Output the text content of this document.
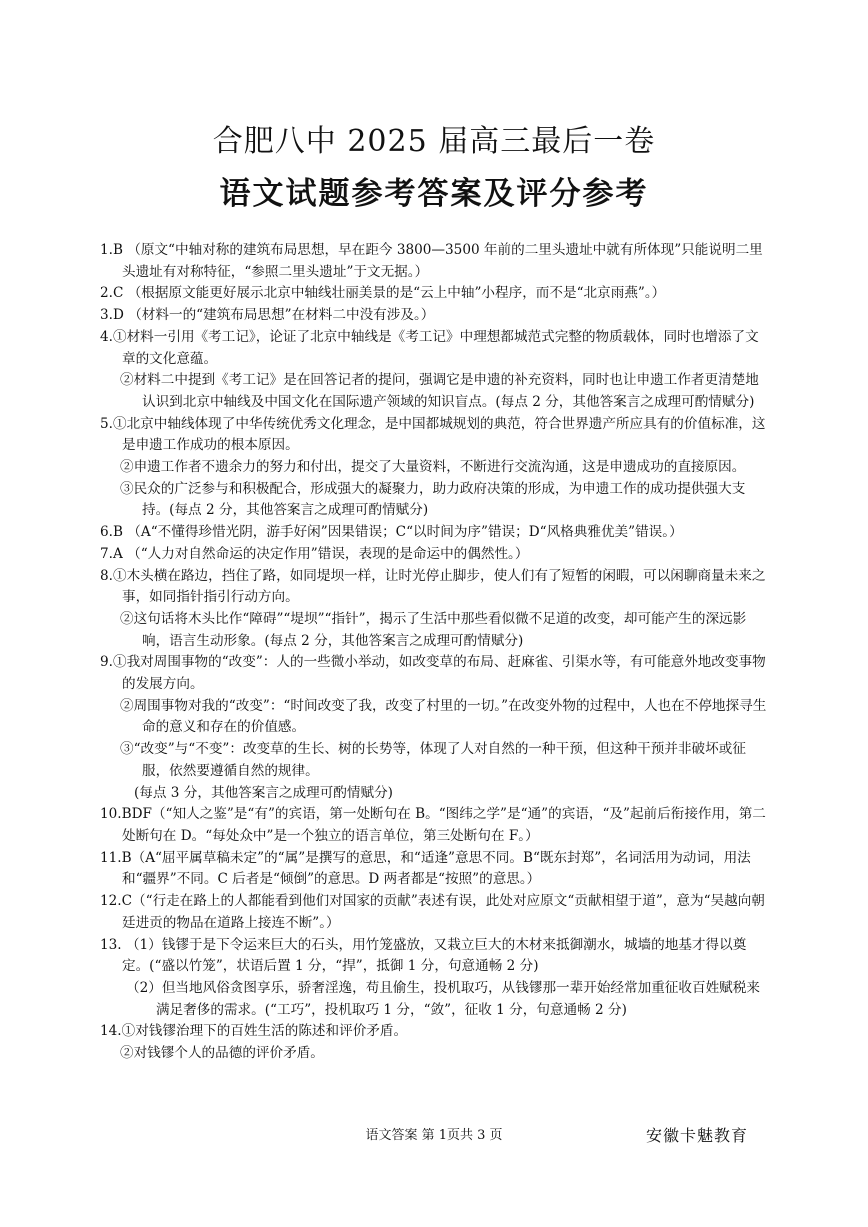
合肥八中 2025 届高三最后一卷
语文试题参考答案及评分参考

1.B （原文“中轴对称的建筑布局思想，早在距今 3800—3500 年前的二里头遗址中就有所体现”只能说明二里头遗址有对称特征，“参照二里头遗址”于文无据。）

2.C （根据原文能更好展示北京中轴线壮丽美景的是“云上中轴”小程序，而不是“北京雨燕”。）

3.D （材料一的“建筑布局思想”在材料二中没有涉及。）

4.①材料一引用《考工记》，论证了北京中轴线是《考工记》中理想都城范式完整的物质载体，同时也增添了文章的文化意蕴。

②材料二中提到《考工记》是在回答记者的提问，强调它是申遗的补充资料，同时也让申遗工作者更清楚地认识到北京中轴线及中国文化在国际遗产领域的知识盲点。(每点 2 分，其他答案言之成理可酌情赋分)

5.①北京中轴线体现了中华传统优秀文化理念，是中国都城规划的典范，符合世界遗产所应具有的价值标准，这是申遗工作成功的根本原因。

②申遗工作者不遗余力的努力和付出，提交了大量资料，不断进行交流沟通，这是申遗成功的直接原因。

③民众的广泛参与和积极配合，形成强大的凝聚力，助力政府决策的形成，为申遗工作的成功提供强大支持。(每点 2 分，其他答案言之成理可酌情赋分)

6.B （A“不懂得珍惜光阴，游手好闲”因果错误；C“以时间为序”错误；D“风格典雅优美”错误。）

7.A （“人力对自然命运的决定作用”错误，表现的是命运中的偶然性。）

8.①木头横在路边，挡住了路，如同堤坝一样，让时光停止脚步，使人们有了短暂的闲暇，可以闲聊商量未来之事，如同指针指引行动方向。

②这句话将木头比作“障碍”“堤坝”“指针”，揭示了生活中那些看似微不足道的改变，却可能产生的深远影响，语言生动形象。(每点 2 分，其他答案言之成理可酌情赋分)

9.①我对周围事物的“改变”：人的一些微小举动，如改变草的布局、赶麻雀、引渠水等，有可能意外地改变事物的发展方向。

②周围事物对我的“改变”：“时间改变了我，改变了村里的一切。”在改变外物的过程中，人也在不停地探寻生命的意义和存在的价值感。

③“改变”与“不变”：改变草的生长、树的长势等，体现了人对自然的一种干预，但这种干预并非破坏或征服，依然要遵循自然的规律。

(每点 3 分，其他答案言之成理可酌情赋分)

10.BDF（“知人之鉴”是“有”的宾语，第一处断句在 B。“图纬之学”是“通”的宾语，“及”起前后衔接作用，第二处断句在 D。“每处众中”是一个独立的语言单位，第三处断句在 F。）

11.B（A“屈平属草稿未定”的“属”是撰写的意思，和“适逢”意思不同。B“既东封郑”，名词活用为动词，用法和“疆界”不同。C 后者是“倾倒”的意思。D 两者都是“按照”的意思。）

12.C（“行走在路上的人都能看到他们对国家的贡献”表述有误，此处对应原文“贡献相望于道”，意为“吴越向朝廷进贡的物品在道路上接连不断”。）

13. （1）钱镠于是下令运来巨大的石头，用竹笼盛放，又栽立巨大的木材来抵御潮水，城墙的地基才得以奠定。(“盛以竹笼”，状语后置 1 分，“捍”，抵御 1 分，句意通畅 2 分)

（2）但当地风俗贪图享乐，骄奢淫逸，苟且偷生，投机取巧，从钱镠那一辈开始经常加重征收百姓赋税来满足奢侈的需求。(“工巧”，投机取巧 1 分，“敛”，征收 1 分，句意通畅 2 分)

14.①对钱镠治理下的百姓生活的陈述和评价矛盾。

②对钱镠个人的品德的评价矛盾。

语文答案 第 1页共 3 页	安徽卡魅教育
